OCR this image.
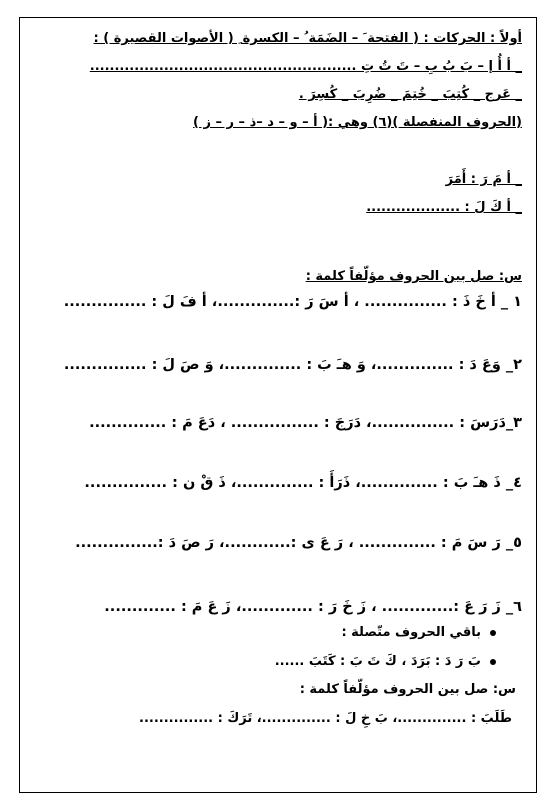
أولاً : الحركات : ( الفتحة َ – الضَمَة ُ – الكسرة ِ ( الأصوات القصيرة ) :
_ أ أُ إ – بَ بُ بِ – تَ تُ تِ ......................................................
_ عَرج _ كُتِبَ _ خُتِمَ _ ضُرِبَ _ كُسِرَ .
(الحروف المنفصلة )(٦) وهي :( أ – و – د –ذ – ر – ز )
_ أ مَ رَ : أَمَرَ
_ أ كَ لَ : ...................
س: صل بين الحروف مؤلّفاً كلمة :
١ _ أ خَ ذَ : ............... ، أ سَ رَ :..............، أ فَ لَ : ...............
٢_ وَعَ دَ : ..............، وَ هـَ بَ : ..............، وَ صَ لَ : ...............
٣_دَرَسَ : ...............، دَرَجَ : ................ ، دَعَ مَ : ..............
٤_ ذَ هـَ بَ : ..............، ذَرَأَ : ..............، ذَ قْ ن : ...............
٥_ رَ سَ مَ : .............. ، رَ عَ ى :............، رَ صَ دَ :...............
٦_ زَ رَ عَ :............. ، زَ خَ رَ : .............، زَ عَ مَ : .............
باقي الحروف متّصلة :
بَ رَ دَ : بَرَدَ ، كَ تَ بَ : كَتَبَ ......
س: صل بين الحروف مؤلّفاً كلمة :
طَلَبَ : ..............، بَ خِ لَ : ..............، تَرَكَ : ...............
